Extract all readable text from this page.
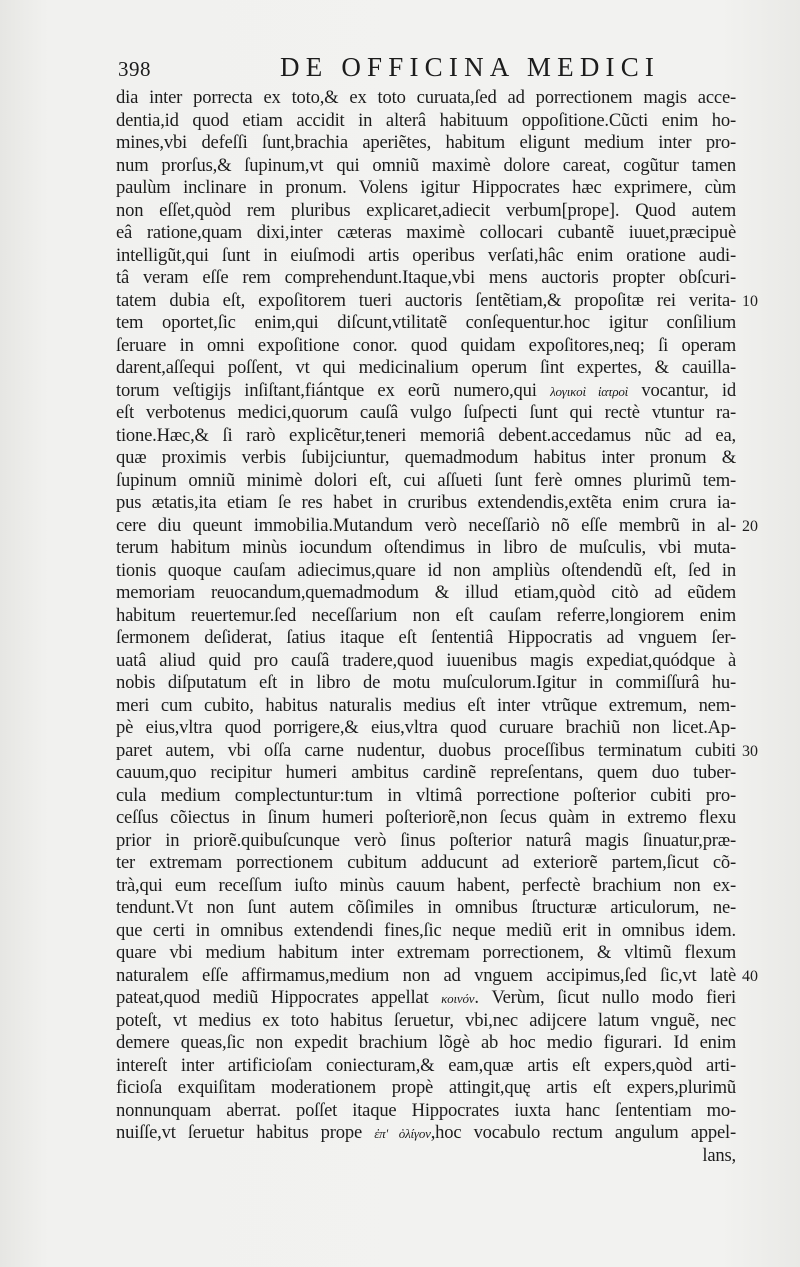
398	DE OFFICINA MEDICI
dia inter porrecta ex toto,& ex toto curuata,ſed ad porrectionem magis acce-
dentia,id quod etiam accidit in alterâ habituum oppoſitione.Cũcti enim ho-
mines,vbi defeſſi ſunt,brachia aperiẽtes, habitum eligunt medium inter pro-
num prorſus,& ſupinum,vt qui omniũ maximè dolore careat, cogũtur tamen
paulùm inclinare in pronum. Volens igitur Hippocrates hæc exprimere, cùm
non eſſet,quòd rem pluribus explicaret,adiecit verbum[prope]. Quod autem
eâ ratione,quam dixi,inter cæteras maximè collocari cubantẽ iuuet,præcipuè
intelligũt,qui ſunt in eiuſmodi artis operibus verſati,hâc enim oratione audi-
tâ veram eſſe rem comprehendunt.Itaque,vbi mens auctoris propter obſcuri-
tatem dubia eſt, expoſitorem tueri auctoris ſentẽtiam,& propoſitæ rei verita-
tem oportet,ſic enim,qui diſcunt,vtilitatẽ conſequentur.hoc igitur conſilium
ſeruare in omni expoſitione conor. quod quidam expoſitores,neq; ſi operam
darent,aſſequi poſſent, vt qui medicinalium operum ſint expertes, & cauilla-
torum veſtigijs inſiſtant,fiántque ex eorũ numero,qui λογικοὶ ἰατροὶ vocantur, id
eſt verbotenus medici,quorum cauſâ vulgo ſuſpecti ſunt qui rectè vtuntur ra-
tione.Hæc,& ſi rarò explicẽtur,teneri memoriâ debent.accedamus nũc ad ea,
quæ proximis verbis ſubijciuntur, quemadmodum habitus inter pronum &
ſupinum omniũ minimè dolori eſt, cui aſſueti ſunt ferè omnes plurimũ tem-
pus ætatis,ita etiam ſe res habet in cruribus extendendis,extẽta enim crura ia-
cere diu queunt immobilia.Mutandum verò neceſſariò nõ eſſe membrũ in al-
terum habitum minùs iocundum oſtendimus in libro de muſculis, vbi muta-
tionis quoque cauſam adiecimus,quare id non ampliùs oſtendendũ eſt, ſed in
memoriam reuocandum,quemadmodum & illud etiam,quòd citò ad eũdem
habitum reuertemur.ſed neceſſarium non eſt cauſam referre,longiorem enim
ſermonem deſiderat, ſatius itaque eſt ſententiâ Hippocratis ad vnguem ſer-
uatâ aliud quid pro cauſâ tradere,quod iuuenibus magis expediat,quódque à
nobis diſputatum eſt in libro de motu muſculorum.Igitur in commiſſurâ hu-
meri cum cubito, habitus naturalis medius eſt inter vtrũque extremum, nem-
pè eius,vltra quod porrigere,& eius,vltra quod curuare brachiũ non licet.Ap-
paret autem, vbi oſſa carne nudentur, duobus proceſſibus terminatum cubiti
cauum,quo recipitur humeri ambitus cardinẽ repreſentans, quem duo tuber-
cula medium complectuntur:tum in vltimâ porrectione poſterior cubiti pro-
ceſſus cõiectus in ſinum humeri poſteriorẽ,non ſecus quàm in extremo flexu
prior in priorẽ.quibuſcunque verò ſinus poſterior naturâ magis ſinuatur,præ-
ter extremam porrectionem cubitum adducunt ad exteriorẽ partem,ſicut cõ-
trà,qui eum receſſum iuſto minùs cauum habent, perfectè brachium non ex-
tendunt.Vt non ſunt autem cõſimiles in omnibus ſtructuræ articulorum, ne-
que certi in omnibus extendendi fines,ſic neque mediũ erit in omnibus idem.
quare vbi medium habitum inter extremam porrectionem, & vltimũ flexum
naturalem eſſe affirmamus,medium non ad vnguem accipimus,ſed ſic,vt latè
pateat,quod mediũ Hippocrates appellat κοινόν. Verùm, ſicut nullo modo fieri
poteſt, vt medius ex toto habitus ſeruetur, vbi,nec adijcere latum vnguẽ, nec
demere queas,ſic non expedit brachium lõgè ab hoc medio figurari. Id enim
intereſt inter artificioſam coniecturam,& eam,quæ artis eſt expers,quòd arti-
ficioſa exquiſitam moderationem propè attingit,quę artis eſt expers,plurimũ
nonnunquam aberrat. poſſet itaque Hippocrates iuxta hanc ſententiam mo-
nuiſſe,vt ſeruetur habitus prope ἐπ' ὀλίγον,hoc vocabulo rectum angulum appel-
lans,
10
20
30
40
